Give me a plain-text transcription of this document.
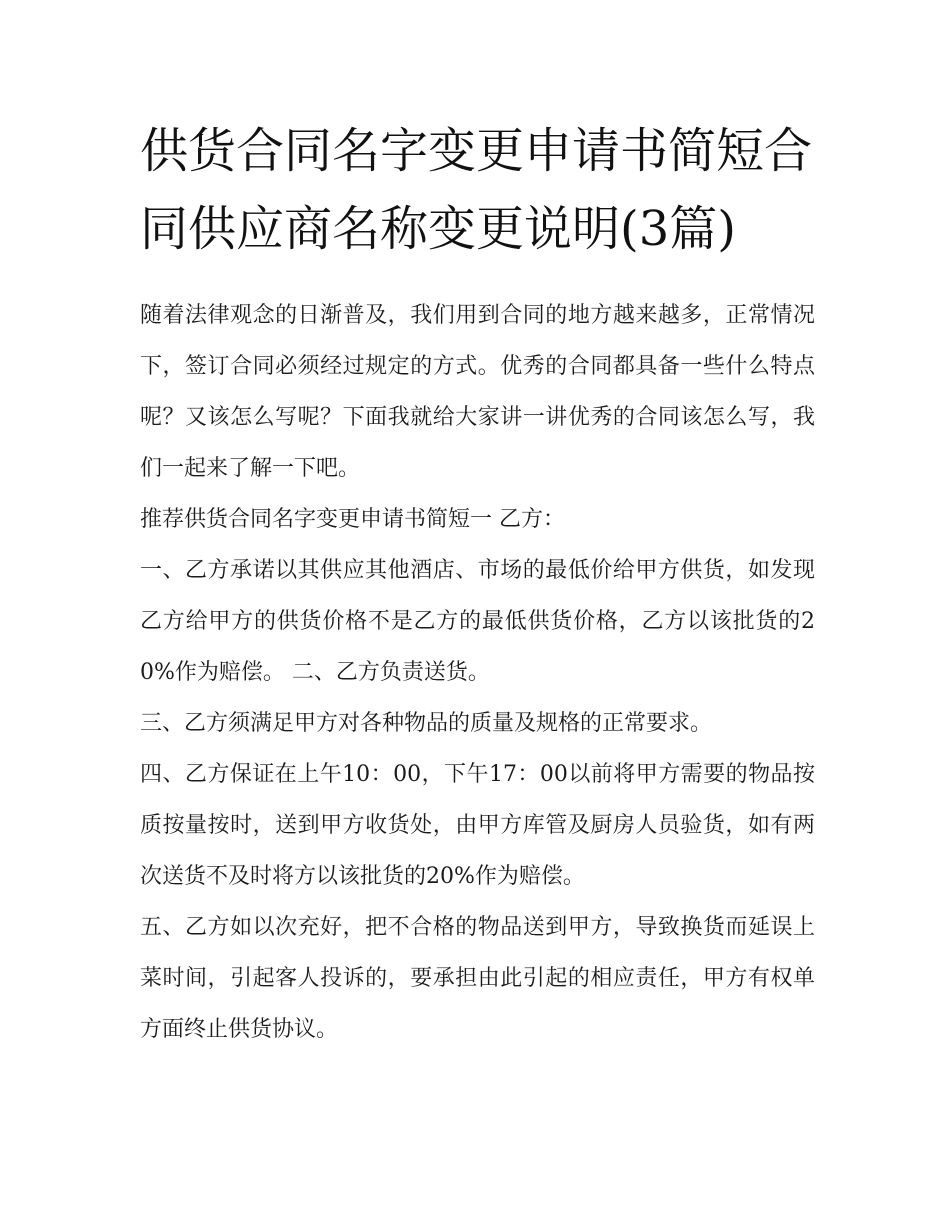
供货合同名字变更申请书简短合同供应商名称变更说明(3篇)

随着法律观念的日渐普及，我们用到合同的地方越来越多，正常情况下，签订合同必须经过规定的方式。优秀的合同都具备一些什么特点呢？又该怎么写呢？下面我就给大家讲一讲优秀的合同该怎么写，我们一起来了解一下吧。

推荐供货合同名字变更申请书简短一 乙方：

一、乙方承诺以其供应其他酒店、市场的最低价给甲方供货，如发现乙方给甲方的供货价格不是乙方的最低供货价格，乙方以该批货的20%作为赔偿。 二、乙方负责送货。

三、乙方须满足甲方对各种物品的质量及规格的正常要求。

四、乙方保证在上午10：00，下午17：00以前将甲方需要的物品按质按量按时，送到甲方收货处，由甲方库管及厨房人员验货，如有两次送货不及时将方以该批货的20%作为赔偿。

五、乙方如以次充好，把不合格的物品送到甲方，导致换货而延误上菜时间，引起客人投诉的，要承担由此引起的相应责任，甲方有权单方面终止供货协议。
